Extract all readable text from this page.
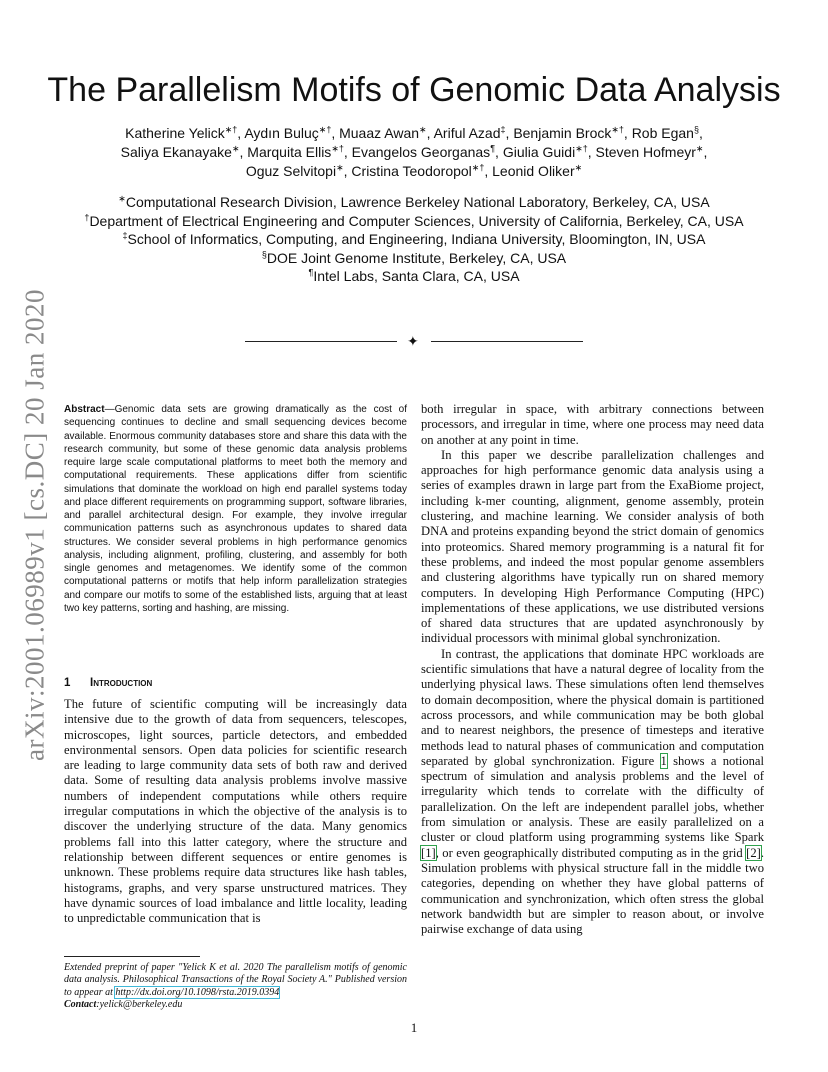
arXiv:2001.06989v1 [cs.DC] 20 Jan 2020
The Parallelism Motifs of Genomic Data Analysis
Katherine Yelick∗†, Aydın Buluç∗†, Muaaz Awan∗, Ariful Azad‡, Benjamin Brock∗†, Rob Egan§,
Saliya Ekanayake∗, Marquita Ellis∗†, Evangelos Georganas¶, Giulia Guidi∗†, Steven Hofmeyr∗,
Oguz Selvitopi∗, Cristina Teodoropol∗†, Leonid Oliker∗
∗Computational Research Division, Lawrence Berkeley National Laboratory, Berkeley, CA, USA
†Department of Electrical Engineering and Computer Sciences, University of California, Berkeley, CA, USA
‡School of Informatics, Computing, and Engineering, Indiana University, Bloomington, IN, USA
§DOE Joint Genome Institute, Berkeley, CA, USA
¶Intel Labs, Santa Clara, CA, USA
✦
Abstract—Genomic data sets are growing dramatically as the cost of sequencing continues to decline and small sequencing devices become available. Enormous community databases store and share this data with the research community, but some of these genomic data analysis problems require large scale computational platforms to meet both the memory and computational requirements. These applications differ from scientific simulations that dominate the workload on high end parallel systems today and place different requirements on programming support, software libraries, and parallel architectural design. For example, they involve irregular communication patterns such as asynchronous updates to shared data structures. We consider several problems in high performance genomics analysis, including alignment, profiling, clustering, and assembly for both single genomes and metagenomes. We identify some of the common computational patterns or motifs that help inform parallelization strategies and compare our motifs to some of the established lists, arguing that at least two key patterns, sorting and hashing, are missing.
1 Introduction

The future of scientific computing will be increasingly data intensive due to the growth of data from sequencers, telescopes, microscopes, light sources, particle detectors, and embedded environmental sensors. Open data policies for scientific research are leading to large community data sets of both raw and derived data. Some of resulting data analysis problems involve massive numbers of independent computations while others require irregular computations in which the objective of the analysis is to discover the underlying structure of the data. Many genomics problems fall into this latter category, where the structure and relationship between different sequences or entire genomes is unknown. These problems require data structures like hash tables, histograms, graphs, and very sparse unstructured matrices. They have dynamic sources of load imbalance and little locality, leading to unpredictable communication that is

both irregular in space, with arbitrary connections between processors, and irregular in time, where one process may need data on another at any point in time.

In this paper we describe parallelization challenges and approaches for high performance genomic data analysis using a series of examples drawn in large part from the ExaBiome project, including k-mer counting, alignment, genome assembly, protein clustering, and machine learning. We consider analysis of both DNA and proteins expanding beyond the strict domain of genomics into proteomics. Shared memory programming is a natural fit for these problems, and indeed the most popular genome assemblers and clustering algorithms have typically run on shared memory computers. In developing High Performance Computing (HPC) implementations of these applications, we use distributed versions of shared data structures that are updated asynchronously by individual processors with minimal global synchronization.

In contrast, the applications that dominate HPC workloads are scientific simulations that have a natural degree of locality from the underlying physical laws. These simulations often lend themselves to domain decomposition, where the physical domain is partitioned across processors, and while communication may be both global and to nearest neighbors, the presence of timesteps and iterative methods lead to natural phases of communication and computation separated by global synchronization. Figure 1 shows a notional spectrum of simulation and analysis problems and the level of irregularity which tends to correlate with the difficulty of parallelization. On the left are independent parallel jobs, whether from simulation or analysis. These are easily parallelized on a cluster or cloud platform using programming systems like Spark [1], or even geographically distributed computing as in the grid [2]. Simulation problems with physical structure fall in the middle two categories, depending on whether they have global patterns of communication and synchronization, which often stress the global network bandwidth but are simpler to reason about, or involve pairwise exchange of data using

Extended preprint of paper "Yelick K et al. 2020 The parallelism motifs of genomic data analysis. Philosophical Transactions of the Royal Society A." Published version to appear at http://dx.doi.org/10.1098/rsta.2019.0394
Contact:yelick@berkeley.edu
1
